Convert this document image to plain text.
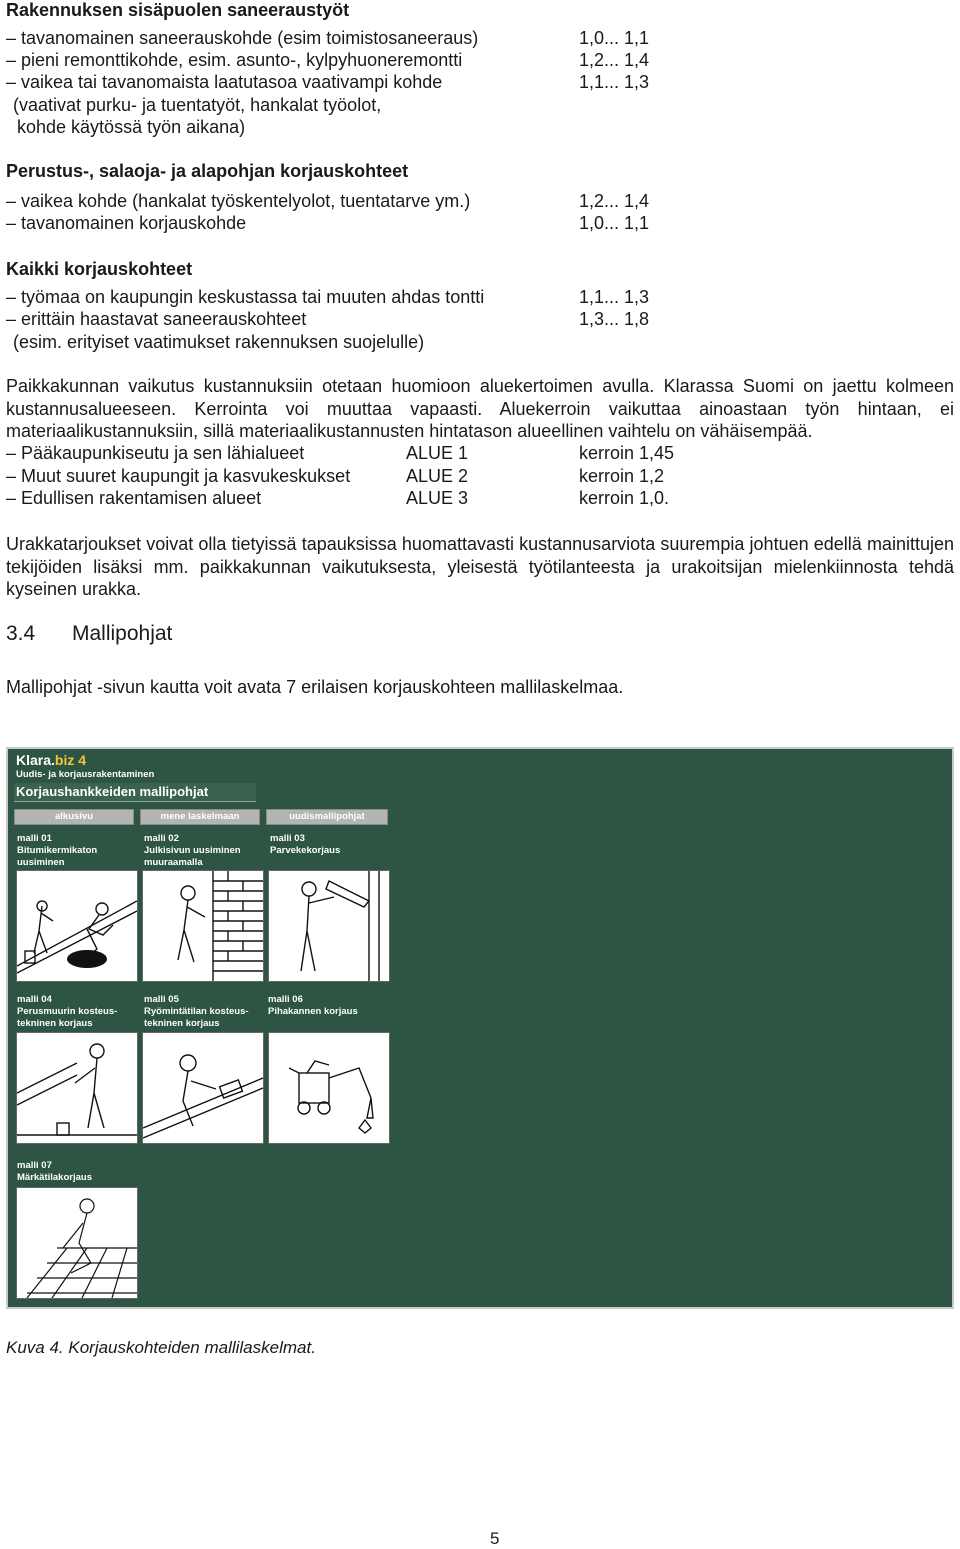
Rakennuksen sisäpuolen saneeraustyöt
– tavanomainen saneerauskohde (esim toimistosaneeraus)	1,0... 1,1
– pieni remonttikohde, esim. asunto-, kylpyhuoneremontti	1,2... 1,4
– vaikea tai tavanomaista laatutasoa vaativampi kohde	1,1... 1,3
(vaativat purku- ja tuentatyöt, hankalat työolot,
kohde käytössä työn aikana)
Perustus-, salaoja- ja alapohjan korjauskohteet
– vaikea kohde (hankalat työskentelyolot, tuentatarve ym.)	1,2... 1,4
– tavanomainen korjauskohde	1,0... 1,1
Kaikki korjauskohteet
– työmaa on kaupungin keskustassa tai muuten ahdas tontti	1,1... 1,3
– erittäin haastavat saneerauskohteet	1,3... 1,8
(esim. erityiset vaatimukset rakennuksen suojelulle)
Paikkakunnan vaikutus kustannuksiin otetaan huomioon aluekertoimen avulla. Klarassa Suomi on jaettu kolmeen kustannusalueeseen. Kerrointa voi muuttaa vapaasti. Aluekerroin vaikuttaa ainoastaan työn hintaan, ei materiaalikustannuksiin, sillä materiaalikustannusten hintatason alueellinen vaihtelu on vähäisempää.
– Pääkaupunkiseutu ja sen lähialueet	ALUE 1	kerroin 1,45
– Muut suuret kaupungit ja kasvukeskukset	ALUE 2	kerroin 1,2
– Edullisen rakentamisen alueet	ALUE 3	kerroin 1,0.
Urakkatarjoukset voivat olla tietyissä tapauksissa huomattavasti kustannusarviota suurempia johtuen edellä mainittujen tekijöiden lisäksi mm. paikkakunnan vaikutuksesta, yleisestä työtilanteesta ja urakoitsijan mielenkiinnosta tehdä kyseinen urakka.
3.4 Mallipohjat
Mallipohjat -sivun kautta voit avata 7 erilaisen korjauskohteen mallilaskelmaa.
Klara.biz 4
Uudis- ja korjausrakentaminen
Korjaushankkeiden mallipohjat
alkusivu	mene laskelmaan	uudismallipohjat
malli 01
Bitumikermikaton
uusiminen
malli 02
Julkisivun uusiminen
muuraamalla
malli 03
Parvekekorjaus
malli 04
Perusmuurin kosteus-
tekninen korjaus
malli 05
Ryömintätilan kosteus-
tekninen korjaus
malli 06
Pihakannen korjaus
malli 07
Märkätilakorjaus
Kuva 4. Korjauskohteiden mallilaskelmat.
5
